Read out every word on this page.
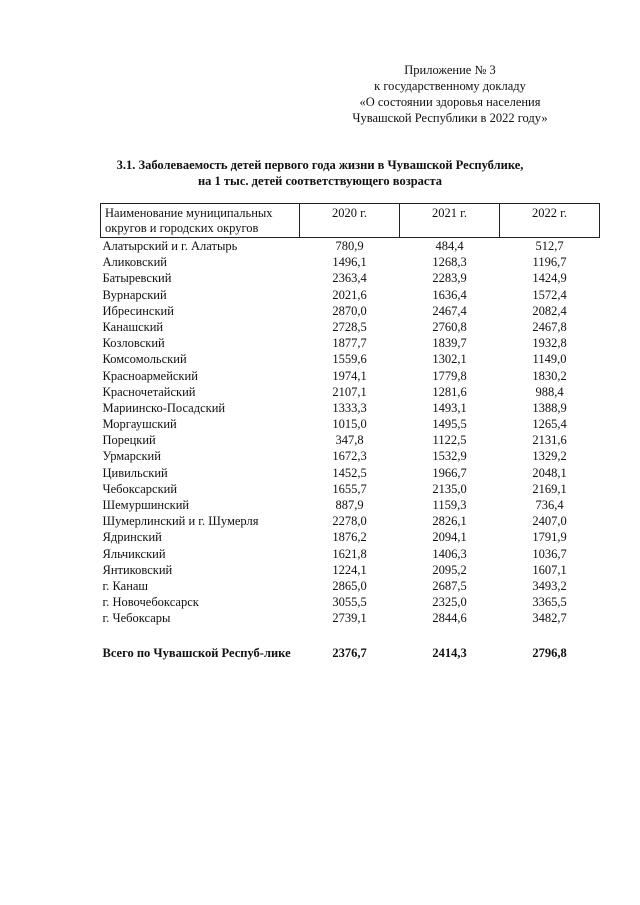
Приложение № 3
к государственному докладу
«О состоянии здоровья населения
Чувашской Республики в 2022 году»
3.1. Заболеваемость детей первого года жизни в Чувашской Республике,
на 1 тыс. детей соответствующего возраста
Наименование муниципальных округов и городских округов	2020 г.	2021 г.	2022 г.
Алатырский и г. Алатырь	780,9	484,4	512,7
Аликовский	1496,1	1268,3	1196,7
Батыревский	2363,4	2283,9	1424,9
Вурнарский	2021,6	1636,4	1572,4
Ибресинский	2870,0	2467,4	2082,4
Канашский	2728,5	2760,8	2467,8
Козловский	1877,7	1839,7	1932,8
Комсомольский	1559,6	1302,1	1149,0
Красноармейский	1974,1	1779,8	1830,2
Красночетайский	2107,1	1281,6	988,4
Мариинско-Посадский	1333,3	1493,1	1388,9
Моргаушский	1015,0	1495,5	1265,4
Порецкий	347,8	1122,5	2131,6
Урмарский	1672,3	1532,9	1329,2
Цивильский	1452,5	1966,7	2048,1
Чебоксарский	1655,7	2135,0	2169,1
Шемуршинский	887,9	1159,3	736,4
Шумерлинский и г. Шумерля	2278,0	2826,1	2407,0
Ядринский	1876,2	2094,1	1791,9
Яльчикский	1621,8	1406,3	1036,7
Янтиковский	1224,1	2095,2	1607,1
г. Канаш	2865,0	2687,5	3493,2
г. Новочебоксарск	3055,5	2325,0	3365,5
г. Чебоксары	2739,1	2844,6	3482,7

Всего по Чувашской Респуб-лике	2376,7	2414,3	2796,8
